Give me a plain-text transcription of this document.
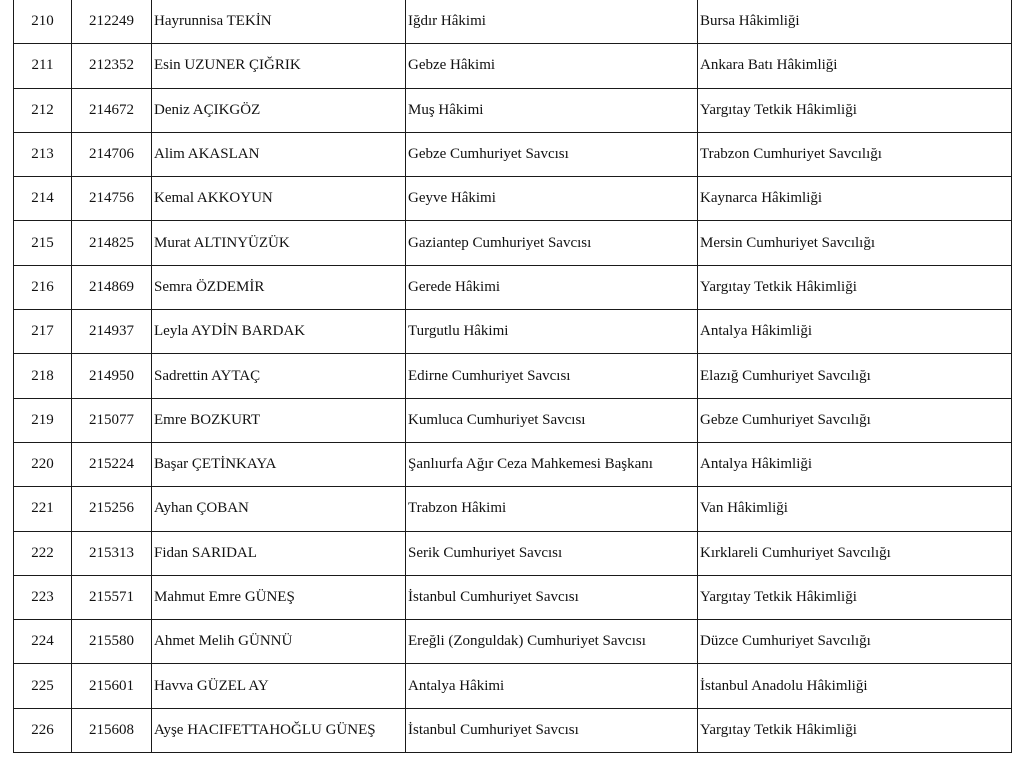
210	212249	Hayrunnisa TEKİN	Iğdır Hâkimi	Bursa Hâkimliği
211	212352	Esin UZUNER ÇIĞRIK	Gebze Hâkimi	Ankara Batı Hâkimliği
212	214672	Deniz AÇIKGÖZ	Muş Hâkimi	Yargıtay Tetkik Hâkimliği
213	214706	Alim AKASLAN	Gebze Cumhuriyet Savcısı	Trabzon Cumhuriyet Savcılığı
214	214756	Kemal AKKOYUN	Geyve Hâkimi	Kaynarca Hâkimliği
215	214825	Murat ALTINYÜZÜK	Gaziantep Cumhuriyet Savcısı	Mersin Cumhuriyet Savcılığı
216	214869	Semra ÖZDEMİR	Gerede Hâkimi	Yargıtay Tetkik Hâkimliği
217	214937	Leyla AYDİN BARDAK	Turgutlu Hâkimi	Antalya Hâkimliği
218	214950	Sadrettin AYTAÇ	Edirne Cumhuriyet Savcısı	Elazığ Cumhuriyet Savcılığı
219	215077	Emre BOZKURT	Kumluca Cumhuriyet Savcısı	Gebze Cumhuriyet Savcılığı
220	215224	Başar ÇETİNKAYA	Şanlıurfa Ağır Ceza Mahkemesi Başkanı	Antalya Hâkimliği
221	215256	Ayhan ÇOBAN	Trabzon Hâkimi	Van Hâkimliği
222	215313	Fidan SARIDAL	Serik Cumhuriyet Savcısı	Kırklareli Cumhuriyet Savcılığı
223	215571	Mahmut Emre GÜNEŞ	İstanbul Cumhuriyet Savcısı	Yargıtay Tetkik Hâkimliği
224	215580	Ahmet Melih GÜNNÜ	Ereğli (Zonguldak) Cumhuriyet Savcısı	Düzce Cumhuriyet Savcılığı
225	215601	Havva GÜZEL AY	Antalya Hâkimi	İstanbul Anadolu Hâkimliği
226	215608	Ayşe HACIFETTAHOĞLU GÜNEŞ	İstanbul Cumhuriyet Savcısı	Yargıtay Tetkik Hâkimliği
